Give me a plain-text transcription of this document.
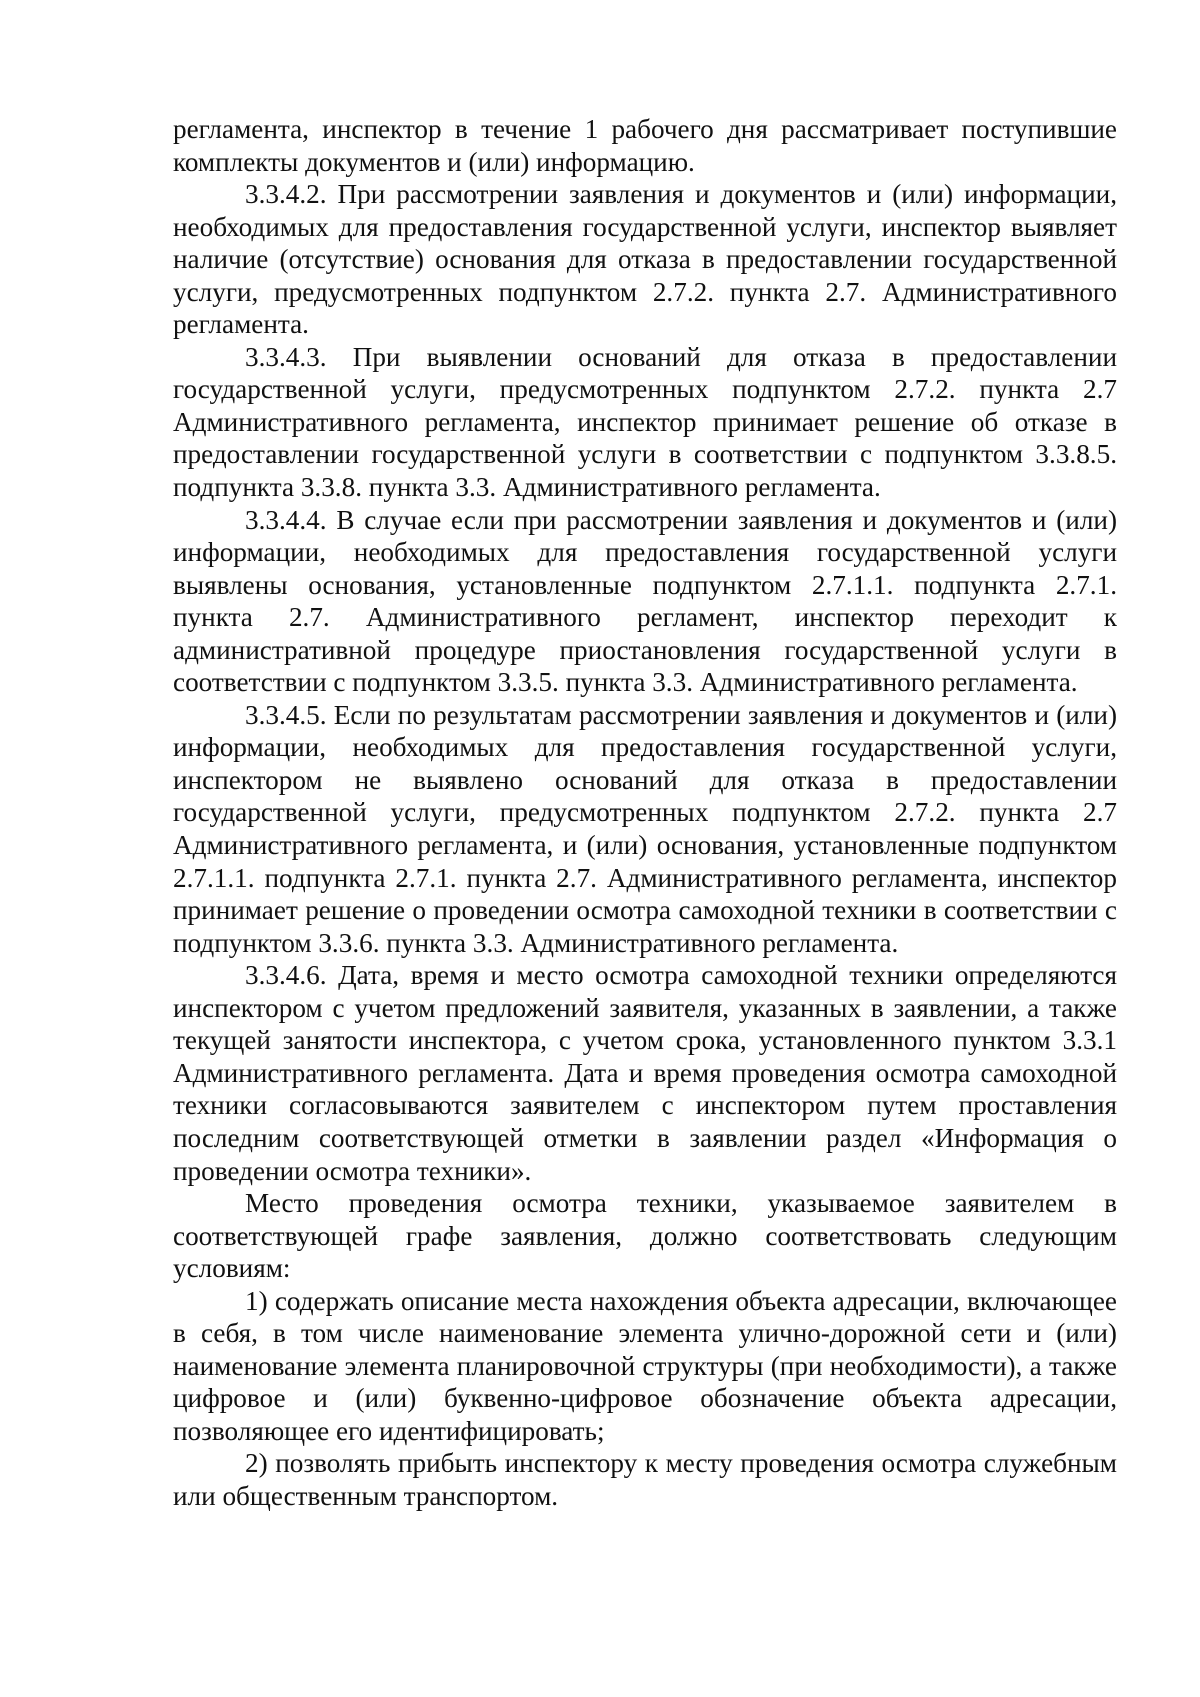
регламента, инспектор в течение 1 рабочего дня рассматривает поступившие комплекты документов и (или) информацию.

3.3.4.2. При рассмотрении заявления и документов и (или) информации, необходимых для предоставления государственной услуги, инспектор выявляет наличие (отсутствие) основания для отказа в предоставлении государственной услуги, предусмотренных подпунктом 2.7.2. пункта 2.7. Административного регламента.

3.3.4.3. При выявлении оснований для отказа в предоставлении государственной услуги, предусмотренных подпунктом 2.7.2. пункта 2.7 Административного регламента, инспектор принимает решение об отказе в предоставлении государственной услуги в соответствии с подпунктом 3.3.8.5. подпункта 3.3.8. пункта 3.3. Административного регламента.

3.3.4.4. В случае если при рассмотрении заявления и документов и (или) информации, необходимых для предоставления государственной услуги выявлены основания, установленные подпунктом 2.7.1.1. подпункта 2.7.1. пункта 2.7. Административного регламент, инспектор переходит к административной процедуре приостановления государственной услуги в соответствии с подпунктом 3.3.5. пункта 3.3. Административного регламента.

3.3.4.5. Если по результатам рассмотрении заявления и документов и (или) информации, необходимых для предоставления государственной услуги, инспектором не выявлено оснований для отказа в предоставлении государственной услуги, предусмотренных подпунктом 2.7.2. пункта 2.7 Административного регламента, и (или) основания, установленные подпунктом 2.7.1.1. подпункта 2.7.1. пункта 2.7. Административного регламента, инспектор принимает решение о проведении осмотра самоходной техники в соответствии с подпунктом 3.3.6. пункта 3.3. Административного регламента.

3.3.4.6. Дата, время и место осмотра самоходной техники определяются инспектором с учетом предложений заявителя, указанных в заявлении, а также текущей занятости инспектора, с учетом срока, установленного пунктом 3.3.1 Административного регламента. Дата и время проведения осмотра самоходной техники согласовываются заявителем с инспектором путем проставления последним соответствующей отметки в заявлении раздел «Информация о проведении осмотра техники».

Место проведения осмотра техники, указываемое заявителем в соответствующей графе заявления, должно соответствовать следующим условиям:

1) содержать описание места нахождения объекта адресации, включающее в себя, в том числе наименование элемента улично-дорожной сети и (или) наименование элемента планировочной структуры (при необходимости), а также цифровое и (или) буквенно-цифровое обозначение объекта адресации, позволяющее его идентифицировать;

2) позволять прибыть инспектору к месту проведения осмотра служебным или общественным транспортом.
